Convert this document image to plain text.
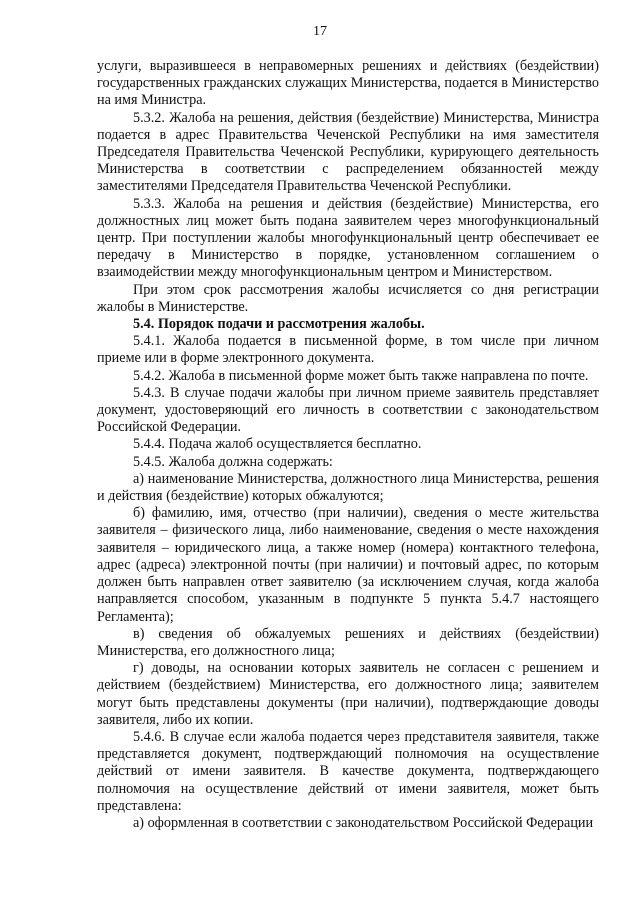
17

услуги, выразившееся в неправомерных решениях и действиях (бездействии) государственных гражданских служащих Министерства, подается в Министерство на имя Министра.

5.3.2. Жалоба на решения, действия (бездействие) Министерства, Министра подается в адрес Правительства Чеченской Республики на имя заместителя Председателя Правительства Чеченской Республики, курирующего деятельность Министерства в соответствии с распределением обязанностей между заместителями Председателя Правительства Чеченской Республики.

5.3.3. Жалоба на решения и действия (бездействие) Министерства, его должностных лиц может быть подана заявителем через многофункциональный центр. При поступлении жалобы многофункциональный центр обеспечивает ее передачу в Министерство в порядке, установленном соглашением о взаимодействии между многофункциональным центром и Министерством.

При этом срок рассмотрения жалобы исчисляется со дня регистрации жалобы в Министерстве.

5.4. Порядок подачи и рассмотрения жалобы.

5.4.1. Жалоба подается в письменной форме, в том числе при личном приеме или в форме электронного документа.

5.4.2. Жалоба в письменной форме может быть также направлена по почте.

5.4.3. В случае подачи жалобы при личном приеме заявитель представляет документ, удостоверяющий его личность в соответствии с законодательством Российской Федерации.

5.4.4. Подача жалоб осуществляется бесплатно.

5.4.5. Жалоба должна содержать:

а) наименование Министерства, должностного лица Министерства, решения и действия (бездействие) которых обжалуются;

б) фамилию, имя, отчество (при наличии), сведения о месте жительства заявителя – физического лица, либо наименование, сведения о месте нахождения заявителя – юридического лица, а также номер (номера) контактного телефона, адрес (адреса) электронной почты (при наличии) и почтовый адрес, по которым должен быть направлен ответ заявителю (за исключением случая, когда жалоба направляется способом, указанным в подпункте 5 пункта 5.4.7 настоящего Регламента);

в) сведения об обжалуемых решениях и действиях (бездействии) Министерства, его должностного лица;

г) доводы, на основании которых заявитель не согласен с решением и действием (бездействием) Министерства, его должностного лица; заявителем могут быть представлены документы (при наличии), подтверждающие доводы заявителя, либо их копии.

5.4.6. В случае если жалоба подается через представителя заявителя, также представляется документ, подтверждающий полномочия на осуществление действий от имени заявителя. В качестве документа, подтверждающего полномочия на осуществление действий от имени заявителя, может быть представлена:

а) оформленная в соответствии с законодательством Российской Федерации
